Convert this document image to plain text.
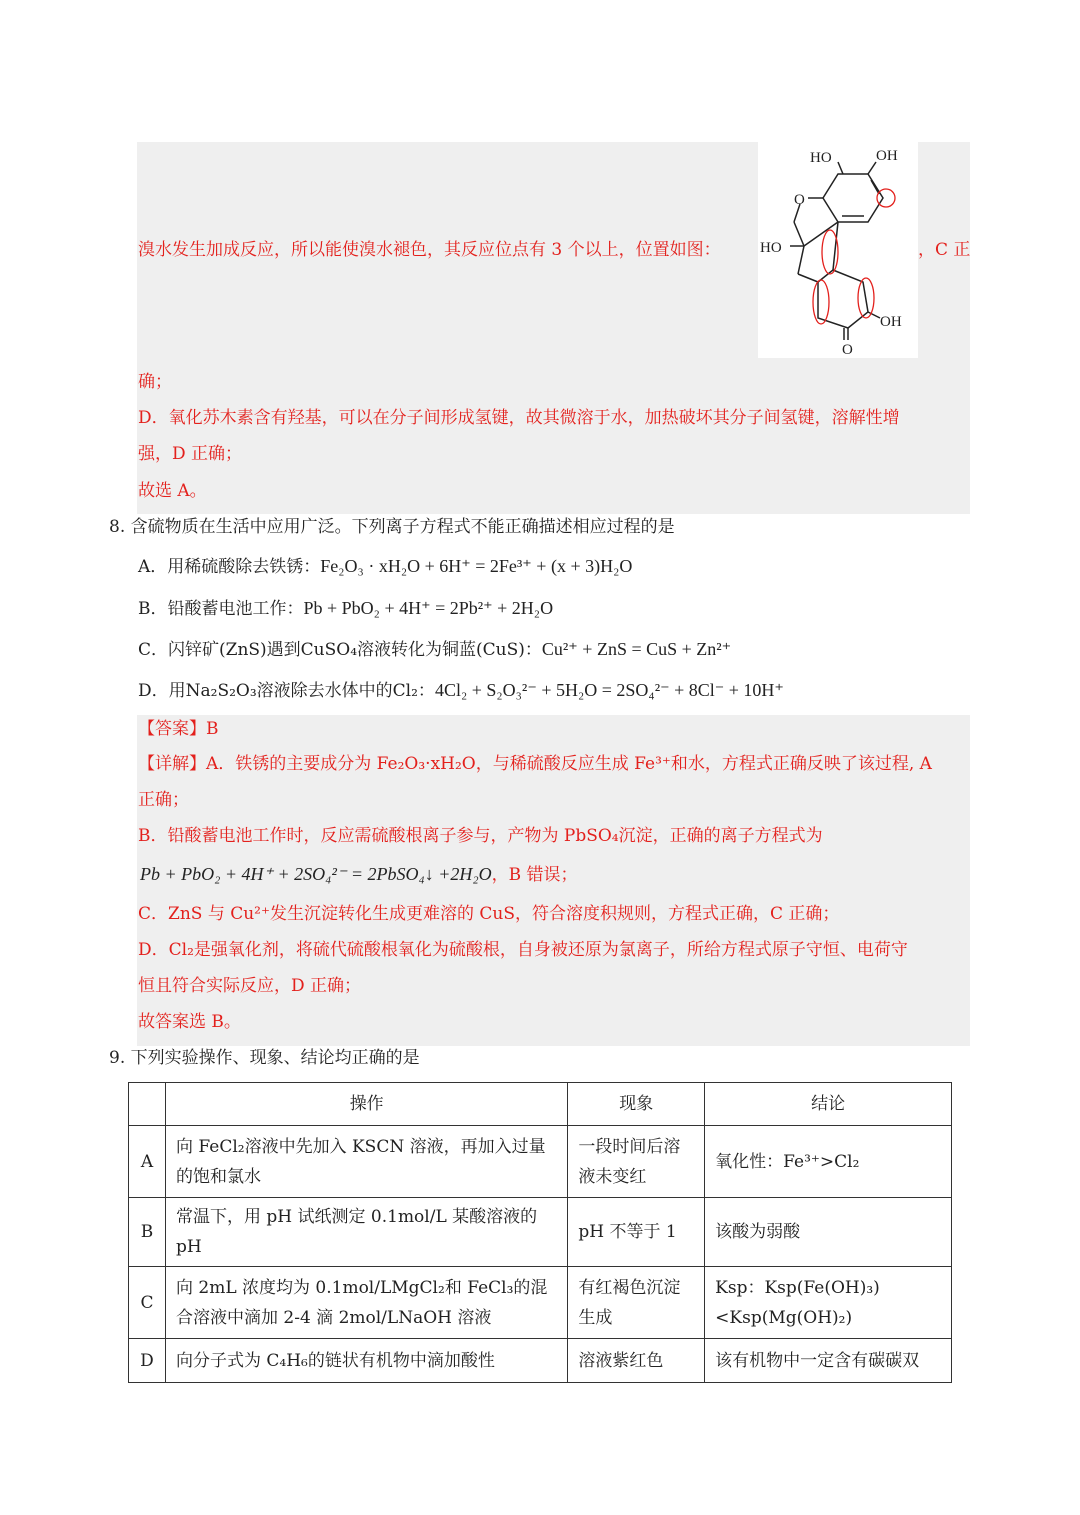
溴水发生加成反应，所以能使溴水褪色，其反应位点有 3 个以上，位置如图：	，C 正
HO	OH
O
HO
OH
O
确；
D．氧化苏木素含有羟基，可以在分子间形成氢键，故其微溶于水，加热破坏其分子间氢键，溶解性增
强，D 正确；
故选 A。
8. 含硫物质在生活中应用广泛。下列离子方程式不能正确描述相应过程的是
A．用稀硫酸除去铁锈：Fe₂O₃ · xH₂O + 6H⁺ = 2Fe³⁺ + (x + 3)H₂O
B．铅酸蓄电池工作：Pb + PbO₂ + 4H⁺ = 2Pb²⁺ + 2H₂O
C．闪锌矿(ZnS)遇到CuSO₄溶液转化为铜蓝(CuS)：Cu²⁺ + ZnS = CuS + Zn²⁺
D．用Na₂S₂O₃溶液除去水体中的Cl₂：4Cl₂ + S₂O₃²⁻ + 5H₂O = 2SO₄²⁻ + 8Cl⁻ + 10H⁺
【答案】B
【详解】A．铁锈的主要成分为 Fe₂O₃·xH₂O，与稀硫酸反应生成 Fe³⁺和水，方程式正确反映了该过程, A
正确；
B．铅酸蓄电池工作时，反应需硫酸根离子参与，产物为 PbSO₄沉淀，正确的离子方程式为
Pb + PbO₂ + 4H⁺ + 2SO₄²⁻ = 2PbSO₄↓ +2H₂O，B 错误；
C．ZnS 与 Cu²⁺发生沉淀转化生成更难溶的 CuS，符合溶度积规则，方程式正确，C 正确；
D．Cl₂是强氧化剂，将硫代硫酸根氧化为硫酸根，自身被还原为氯离子，所给方程式原子守恒、电荷守
恒且符合实际反应，D 正确；
故答案选 B。
9. 下列实验操作、现象、结论均正确的是
	操作	现象	结论
A	向 FeCl₂溶液中先加入 KSCN 溶液，再加入过量的饱和氯水	一段时间后溶液未变红	氧化性：Fe³⁺>Cl₂
B	常温下，用 pH 试纸测定 0.1mol/L 某酸溶液的 pH	pH 不等于 1	该酸为弱酸
C	向 2mL 浓度均为 0.1mol/LMgCl₂和 FeCl₃的混合溶液中滴加 2-4 滴 2mol/LNaOH 溶液	有红褐色沉淀生成	Ksp：Ksp(Fe(OH)₃)<Ksp(Mg(OH)₂)
D	向分子式为 C₄H₆的链状有机物中滴加酸性	溶液紫红色	该有机物中一定含有碳碳双
